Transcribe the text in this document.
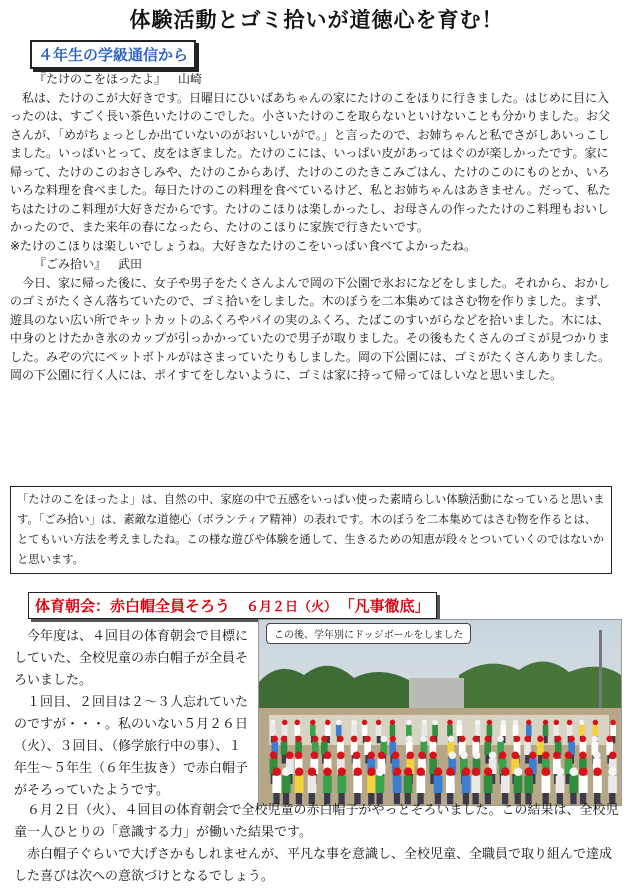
体験活動とゴミ拾いが道徳心を育む！
４年生の学級通信から
『たけのこをほったよ』 山崎

私は、たけのこが大好きです。日曜日にひいばあちゃんの家にたけのこをほりに行きました。はじめに目に入ったのは、すごく長い茶色いたけのこでした。小さいたけのこを取らないといけないことも分かりました。お父さんが、「めがちょっとしか出ていないのがおいしいがで。」と言ったので、お姉ちゃんと私でさがしあいっこしました。いっぱいとって、皮をはぎました。たけのこには、いっぱい皮があってはぐのが楽しかったです。家に帰って、たけのこのおさしみや、たけのこからあげ、たけのこのたきこみごはん、たけのこのにものとか、いろいろな料理を食べました。毎日たけのこの料理を食べているけど、私とお姉ちゃんはあきません。だって、私たちはたけのこ料理が大好きだからです。たけのこほりは楽しかったし、お母さんの作ったたけのこ料理もおいしかったので、また来年の春になったら、たけのこほりに家族で行きたいです。

※たけのこほりは楽しいでしょうね。大好きなたけのこをいっぱい食べてよかったね。
『ごみ拾い』 武田

今日、家に帰った後に、女子や男子をたくさんよんで岡の下公園で氷おになどをしました。それから、おかしのゴミがたくさん落ちていたので、ゴミ拾いをしました。木のぼうを二本集めてはさむ物を作りました。まず、遊具のない広い所でキットカットのふくろやパイの実のふくろ、たばこのすいがらなどを拾いました。木には、中身のとけたかき氷のカップが引っかかっていたので男子が取りました。その後もたくさんのゴミが見つかりました。みぞの穴にペットボトルがはさまっていたりもしました。岡の下公園には、ゴミがたくさんありました。岡の下公園に行く人には、ポイすてをしないように、ゴミは家に持って帰ってほしいなと思いました。

「たけのこをほったよ」は、自然の中、家庭の中で五感をいっぱい使った素晴らしい体験活動になっていると思います。「ごみ拾い」は、素敵な道徳心（ボランティア精神）の表れです。木のぼうを二本集めてはさむ物を作るとは、とてもいい方法を考えましたね。この様な遊びや体験を通して、生きるための知恵が段々とついていくのではないかと思います。
体育朝会：赤白帽全員そろう ６月２日（火） 「凡事徹底」

今年度は、４回目の体育朝会で目標にしていた、全校児童の赤白帽子が全員そろいました。

１回目、２回目は２～３人忘れていたのですが・・・。私のいない５月２６日（火）、３回目、（修学旅行中の事）、１年生～５年生（６年生抜き）で赤白帽子がそろっていたようです。

この後、学年別にドッジボールをしました

６月２日（火）、４回目の体育朝会で全校児童の赤白帽子がやっとそろいました。この結果は、全校児童一人ひとりの「意識する力」が働いた結果です。

赤白帽子ぐらいで大げさかもしれませんが、平凡な事を意識し、全校児童、全職員で取り組んで達成した喜びは次への意欲づけとなるでしょう。
